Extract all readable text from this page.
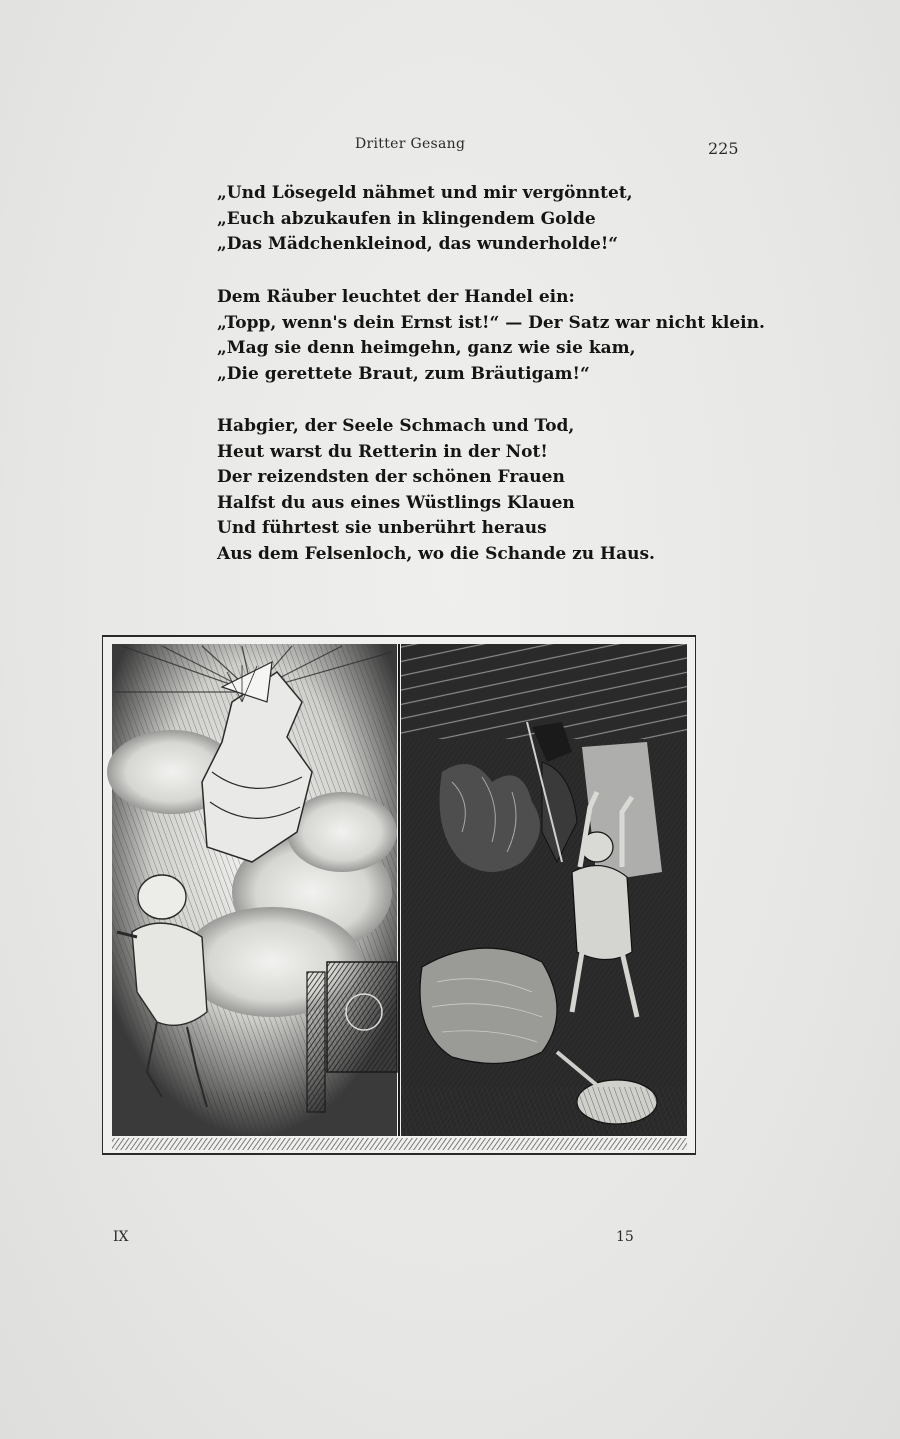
Dritter Gesang	225
„Und Lösegeld nähmet und mir vergönntet,
„Euch abzukaufen in klingendem Golde
„Das Mädchenkleinod, das wunderholde!“
Dem Räuber leuchtet der Handel ein:
„Topp, wenn's dein Ernst ist!“ — Der Satz war nicht klein.
„Mag sie denn heimgehn, ganz wie sie kam,
„Die gerettete Braut, zum Bräutigam!“
Habgier, der Seele Schmach und Tod,
Heut warst du Retterin in der Not!
Der reizendsten der schönen Frauen
Halfst du aus eines Wüstlings Klauen
Und führtest sie unberührt heraus
Aus dem Felsenloch, wo die Schande zu Haus.
IX	15
